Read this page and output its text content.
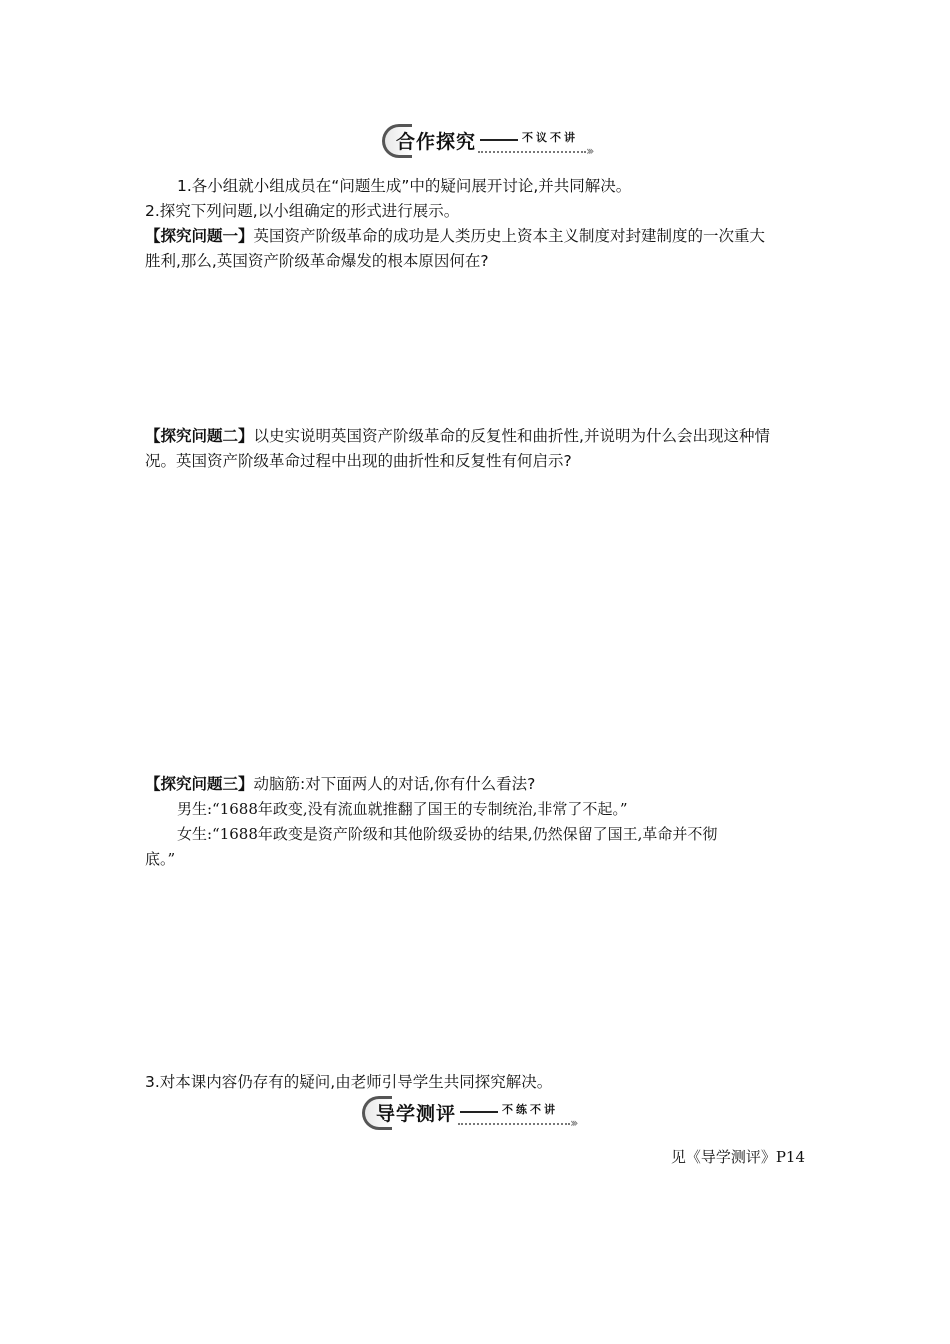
合作探究	不议不讲
›››
1.各小组就小组成员在“问题生成”中的疑问展开讨论,并共同解决。
2.探究下列问题,以小组确定的形式进行展示。
【探究问题一】英国资产阶级革命的成功是人类历史上资本主义制度对封建制度的一次重大
胜利,那么,英国资产阶级革命爆发的根本原因何在?
【探究问题二】以史实说明英国资产阶级革命的反复性和曲折性,并说明为什么会出现这种情
况。英国资产阶级革命过程中出现的曲折性和反复性有何启示?
【探究问题三】动脑筋:对下面两人的对话,你有什么看法?
男生:“1688年政变,没有流血就推翻了国王的专制统治,非常了不起。”
女生:“1688年政变是资产阶级和其他阶级妥协的结果,仍然保留了国王,革命并不彻
底。”
3.对本课内容仍存有的疑问,由老师引导学生共同探究解决。
导学测评	不练不讲
›››
见《导学测评》P14
